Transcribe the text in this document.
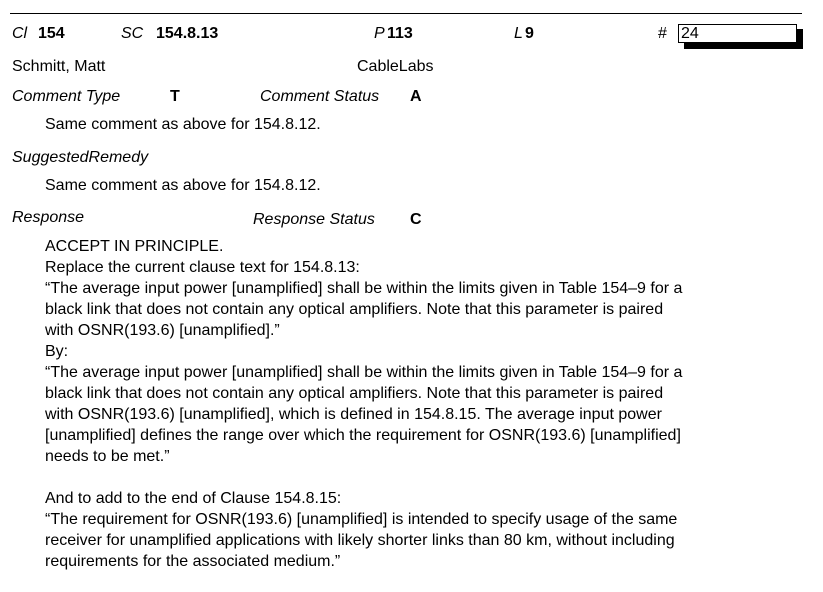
Cl 154	SC 154.8.13	P 113	L 9	# 24
Schmitt, Matt	CableLabs
Comment Type	T	Comment Status A
Same comment as above for 154.8.12.
SuggestedRemedy
Same comment as above for 154.8.12.
Response	Response Status C

ACCEPT IN PRINCIPLE.

Replace the current clause text for 154.8.13:

“The average input power [unamplified] shall be within the limits given in Table 154–9 for a
black link that does not contain any optical amplifiers. Note that this parameter is paired
with OSNR(193.6) [unamplified].”

By:

“The average input power [unamplified] shall be within the limits given in Table 154–9 for a
black link that does not contain any optical amplifiers. Note that this parameter is paired
with OSNR(193.6) [unamplified], which is defined in 154.8.15. The average input power
[unamplified] defines the range over which the requirement for OSNR(193.6) [unamplified]
needs to be met.”

And to add to the end of Clause 154.8.15:

“The requirement for OSNR(193.6) [unamplified] is intended to specify usage of the same
receiver for unamplified applications with likely shorter links than 80 km, without including
requirements for the associated medium.”
